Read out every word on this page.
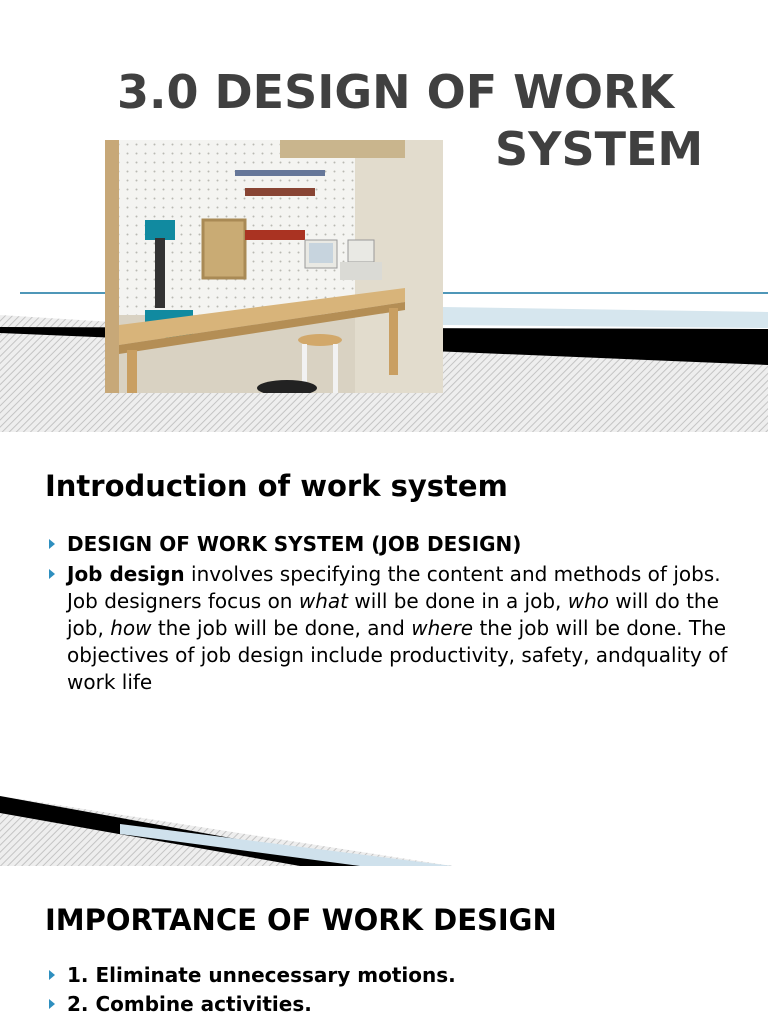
3.0 DESIGN OF WORK
SYSTEM
Introduction of work system
DESIGN OF WORK SYSTEM (JOB DESIGN)
Job design involves specifying the content and methods of jobs. Job designers focus on what will be done in a job, who will do the job, how the job will be done, and where the job will be done. The objectives of job design include productivity, safety, andquality of work life
IMPORTANCE OF WORK DESIGN
1. Eliminate unnecessary motions.
2. Combine activities.
